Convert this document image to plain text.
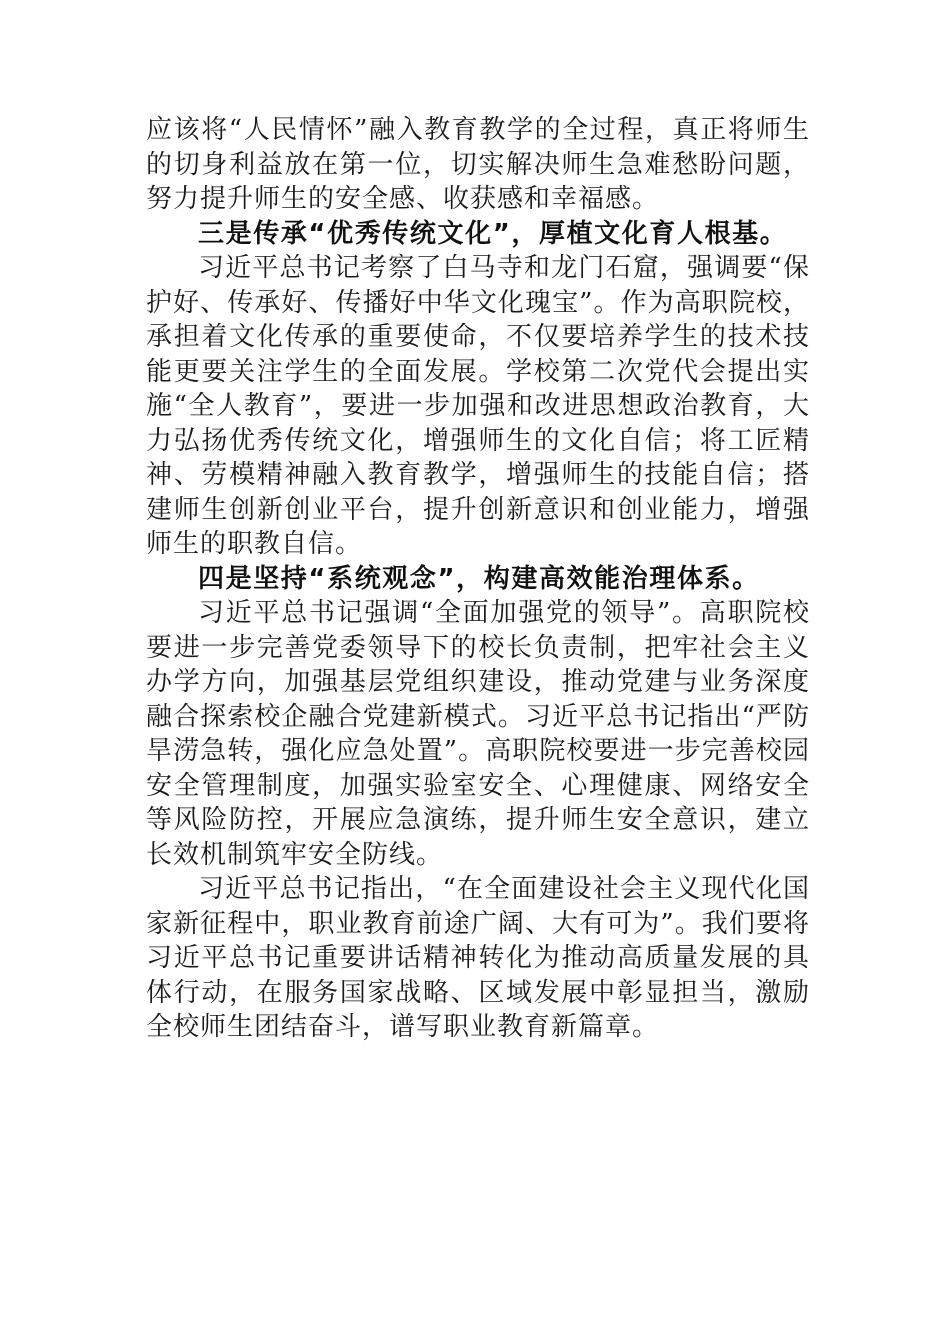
应该将“人民情怀”融入教育教学的全过程，真正将师生的切身利益放在第一位，切实解决师生急难愁盼问题，努力提升师生的安全感、收获感和幸福感。

三是传承“优秀传统文化”，厚植文化育人根基。

习近平总书记考察了白马寺和龙门石窟，强调要“保护好、传承好、传播好中华文化瑰宝”。作为高职院校，承担着文化传承的重要使命，不仅要培养学生的技术技能更要关注学生的全面发展。学校第二次党代会提出实施“全人教育”，要进一步加强和改进思想政治教育，大力弘扬优秀传统文化，增强师生的文化自信；将工匠精神、劳模精神融入教育教学，增强师生的技能自信；搭建师生创新创业平台，提升创新意识和创业能力，增强师生的职教自信。

四是坚持“系统观念”，构建高效能治理体系。

习近平总书记强调“全面加强党的领导”。高职院校要进一步完善党委领导下的校长负责制，把牢社会主义办学方向，加强基层党组织建设，推动党建与业务深度融合探索校企融合党建新模式。习近平总书记指出“严防旱涝急转，强化应急处置”。高职院校要进一步完善校园安全管理制度，加强实验室安全、心理健康、网络安全等风险防控，开展应急演练，提升师生安全意识，建立长效机制筑牢安全防线。

习近平总书记指出，“在全面建设社会主义现代化国家新征程中，职业教育前途广阔、大有可为”。我们要将习近平总书记重要讲话精神转化为推动高质量发展的具体行动，在服务国家战略、区域发展中彰显担当，激励全校师生团结奋斗，谱写职业教育新篇章。
